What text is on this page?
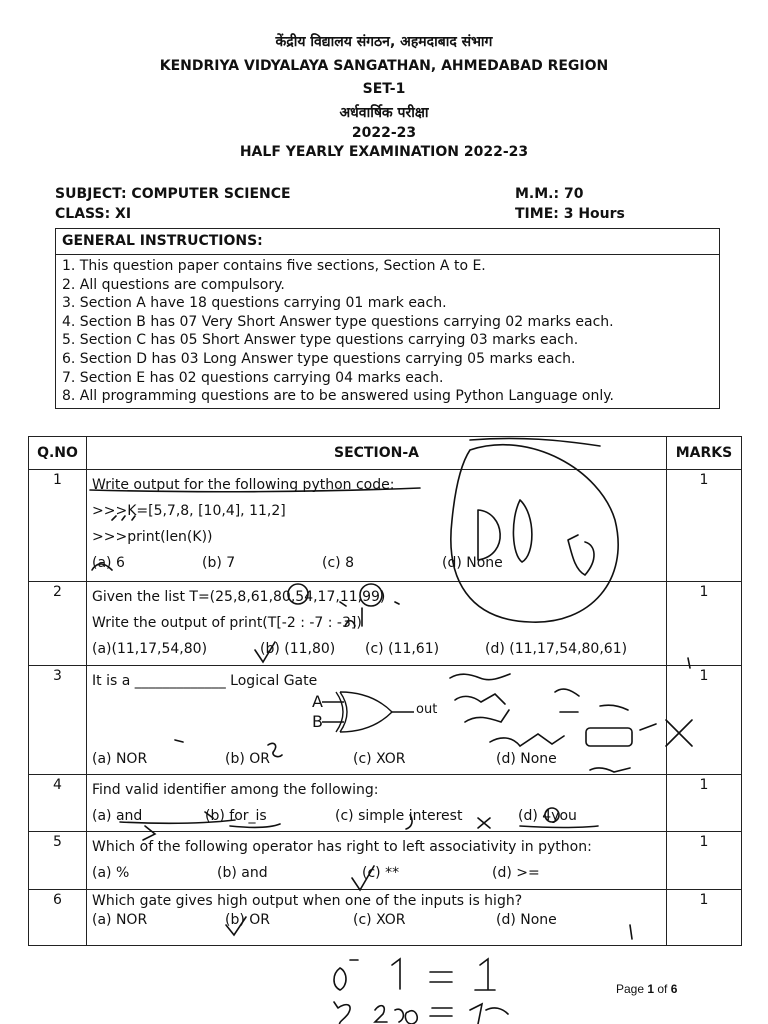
केंद्रीय विद्यालय संगठन, अहमदाबाद संभाग
KENDRIYA VIDYALAYA SANGATHAN, AHMEDABAD REGION
SET-1
अर्धवार्षिक परीक्षा
2022-23
HALF YEARLY EXAMINATION 2022-23
SUBJECT: COMPUTER SCIENCE
CLASS: XI
M.M.: 70
TIME: 3 Hours
GENERAL INSTRUCTIONS:
1. This question paper contains five sections, Section A to E.
2. All questions are compulsory.
3. Section A have 18 questions carrying 01 mark each.
4. Section B has 07 Very Short Answer type questions carrying 02 marks each.
5. Section C has 05 Short Answer type questions carrying 03 marks each.
6. Section D has 03 Long Answer type questions carrying 05 marks each.
7. Section E has 02 questions carrying 04 marks each.
8. All programming questions are to be answered using Python Language only.
Q.NO	SECTION-A	MARKS
1	Write output for the following python code:
>>>K=[5,7,8, [10,4], 11,2]
>>>print(len(K))
(a) 6 (b) 7 (c) 8 (d) None	1
2	Given the list T=(25,8,61,80,54,17,11,99)
Write the output of print(T[-2 : -7 : -3])
(a)(11,17,54,80) (b) (11,80) (c) (11,61) (d) (11,17,54,80,61)	1
3	It is a _____________ Logical Gate
A
B
out
(a) NOR (b) OR (c) XOR (d) None	1
4	Find valid identifier among the following:
(a) and (b) for_is (c) simple interest (d) 4you	1
5	Which of the following operator has right to left associativity in python:
(a) % (b) and (c) ** (d) >=	1
6	Which gate gives high output when one of the inputs is high?
(a) NOR (b) OR (c) XOR (d) None	1
Page 1 of 6
